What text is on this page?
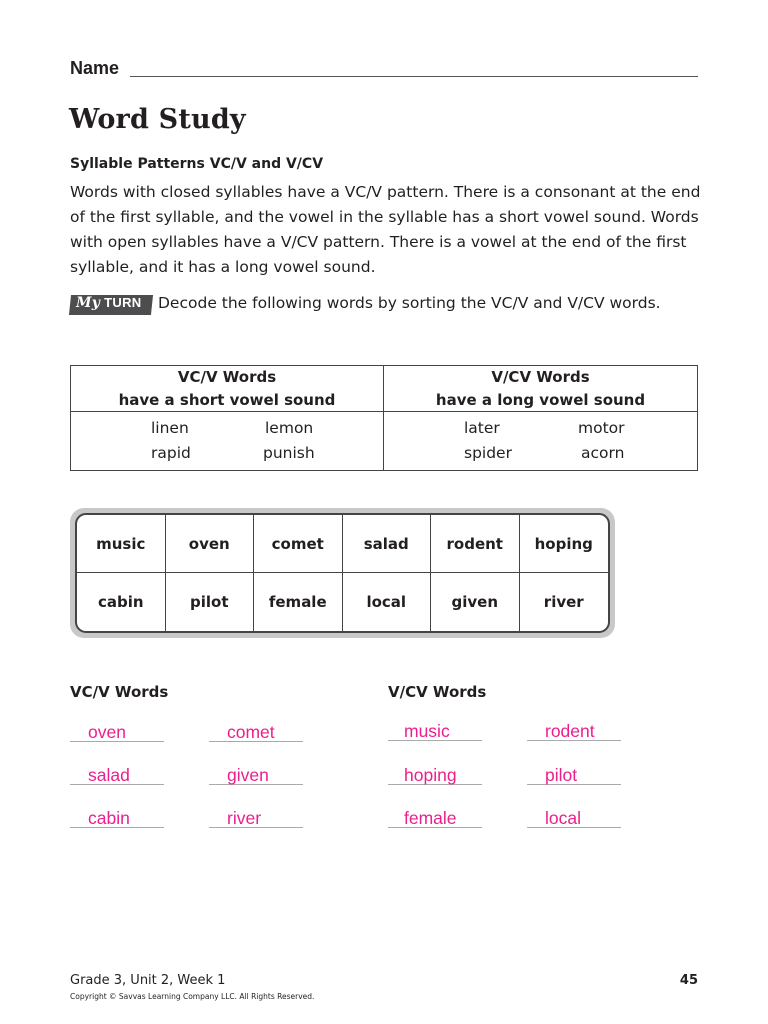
Name
Word Study
Syllable Patterns VC/V and V/CV

Words with closed syllables have a VC/V pattern. There is a consonant at the end of the first syllable, and the vowel in the syllable has a short vowel sound. Words with open syllables have a V/CV pattern. There is a vowel at the end of the first syllable, and it has a long vowel sound.

My TURN Decode the following words by sorting the VC/V and V/CV words.
VC/V Words
have a short vowel sound
linen	lemon
rapid	punish
V/CV Words
have a long vowel sound
later	motor
spider	acorn
music	oven	comet	salad	rodent	hoping
cabin	pilot	female	local	given	river
VC/V Words	V/CV Words
oven	comet
salad	given
cabin	river
music	rodent
hoping	pilot
female	local
Grade 3, Unit 2, Week 1
Copyright © Savvas Learning Company LLC. All Rights Reserved.
45
